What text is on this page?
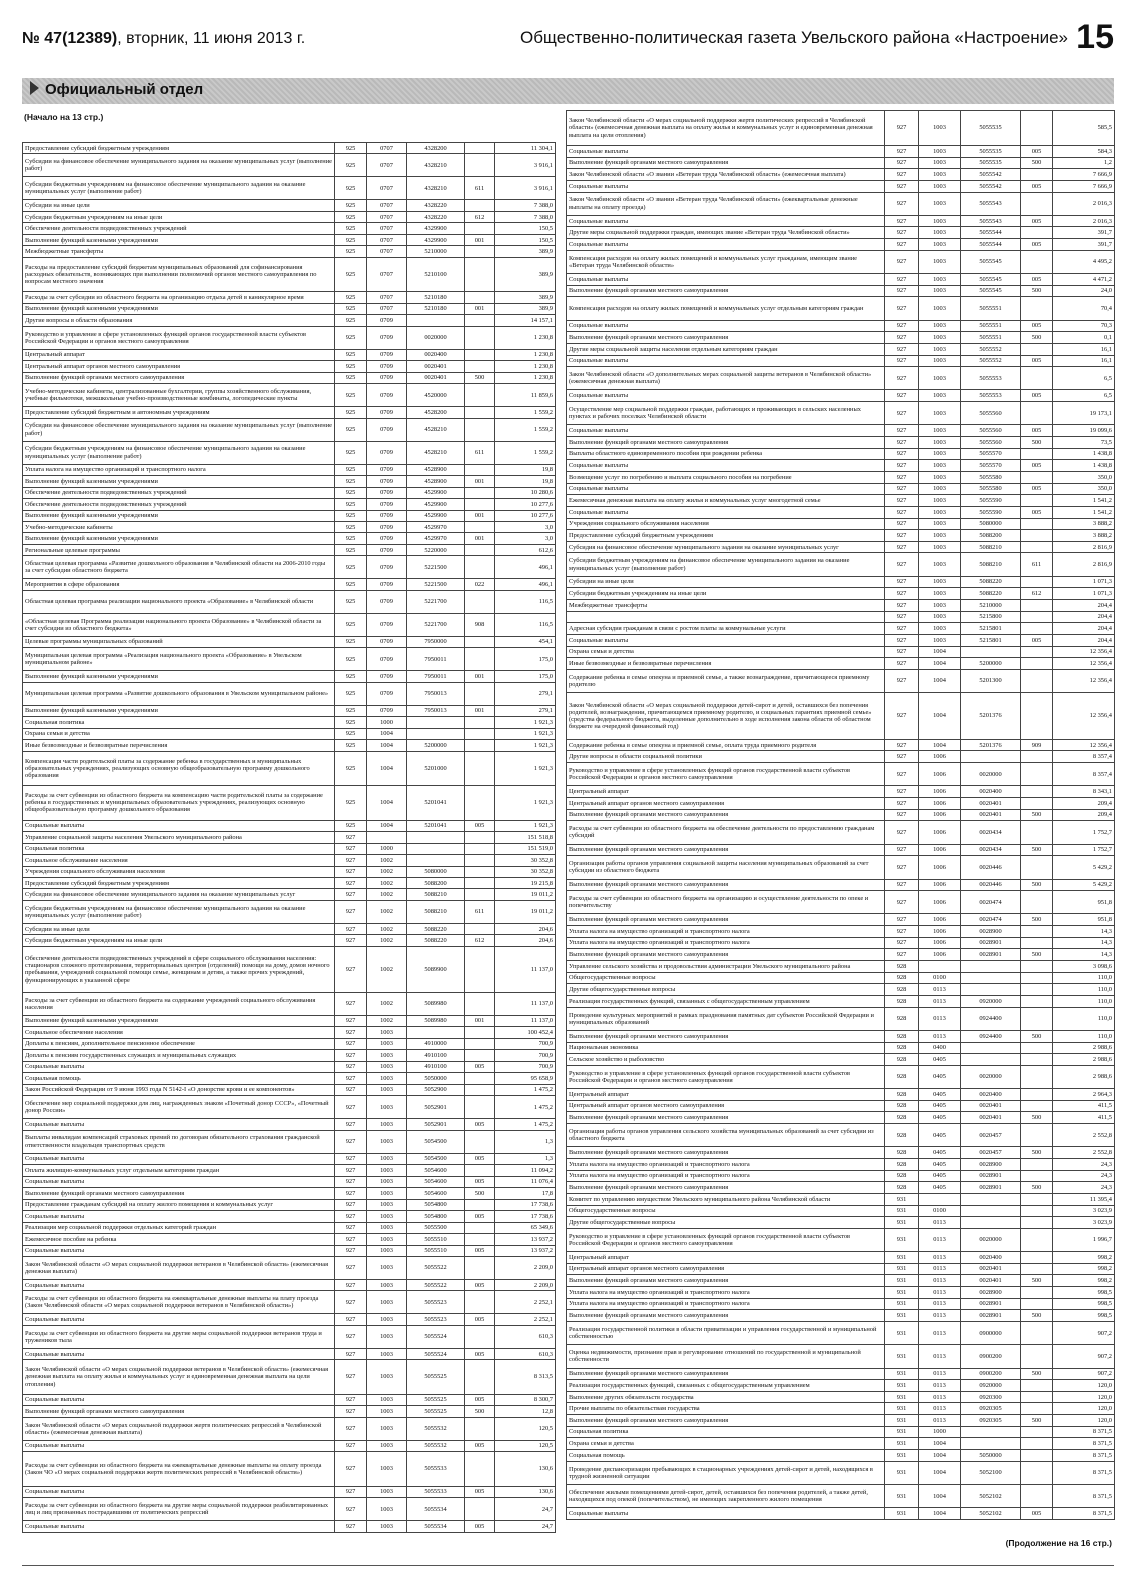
№ 47(12389), вторник, 11 июня 2013 г.	Общественно-политическая газета Увельского района «Настроение» 15
Официальный отдел
(Начало на 13 стр.)
Предоставление субсидий бюджетным учреждениям	925	0707	4328200		11 304,1
Субсидии на финансовое обеспечение муниципального задания на оказание муниципальных услуг (выполнение работ)	925	0707	4328210		3 916,1
Субсидии бюджетным учреждениям на финансовое обеспечение муниципального задания на оказание муниципальных услуг (выполнение работ)	925	0707	4328210	611	3 916,1
Субсидии на иные цели	925	0707	4328220		7 388,0
Субсидии бюджетным учреждениям на иные цели	925	0707	4328220	612	7 388,0
Обеспечение деятельности подведомственных учреждений	925	0707	4329900		150,5
Выполнение функций казенными учреждениями	925	0707	4329900	001	150,5
Межбюджетные трансферты	925	0707	5210000		389,9
Расходы на предоставление субсидий бюджетам муниципальных образований для софинансирования расходных обязательств, возникающих при выполнении полномочий органов местного самоуправления по вопросам местного значения	925	0707	5210100		389,9
Расходы за счет субсидии из областного бюджета на организацию отдыха детей в каникулярное время	925	0707	5210180		389,9
Выполнение функций казенными учреждениями	925	0707	5210180	001	389,9
Другие вопросы в области образования	925	0709			14 157,1
Руководство и управление в сфере установленных функций органов государственной власти субъектов Российской Федерации и органов местного самоуправления	925	0709	0020000		1 230,8
Центральный аппарат	925	0709	0020400		1 230,8
Центральный аппарат органов местного самоуправления	925	0709	0020401		1 230,8
Выполнение функций органами местного самоуправления	925	0709	0020401	500	1 230,8
Учебно-методические кабинеты, централизованные бухгалтерии, группы хозяйственного обслуживания, учебные фильмотеки, межшкольные учебно-производственные комбинаты, логопедические пункты	925	0709	4520000		11 859,6
Предоставление субсидий бюджетным и автономным учреждениям	925	0709	4528200		1 559,2
Субсидии на финансовое обеспечение муниципального задания на оказание муниципальных услуг (выполнение работ)	925	0709	4528210		1 559,2
Субсидии бюджетным учреждениям на финансовое обеспечение муниципального задания на оказание муниципальных услуг (выполнение работ)	925	0709	4528210	611	1 559,2
Уплата налога на имущество организаций и транспортного налога	925	0709	4528900		19,8
Выполнение функций казенными учреждениями	925	0709	4528900	001	19,8
Обеспечение деятельности подведомственных учреждений	925	0709	4529900		10 280,6
Обеспечение деятельности подведомственных учреждений	925	0709	4529900		10 277,6
Выполнение функций казенными учреждениями	925	0709	4529900	001	10 277,6
Учебно-методические кабинеты	925	0709	4529970		3,0
Выполнение функций казенными учреждениями	925	0709	4529970	001	3,0
Региональные целевые программы	925	0709	5220000		612,6
Областная целевая программа «Развитие дошкольного образования в Челябинской области на 2006-2010 годы за счет субсидии областного бюджета	925	0709	5221500		496,1
Мероприятия в сфере образования	925	0709	5221500	022	496,1
Областная целевая программа реализации национального проекта «Образование» в Челябинской области	925	0709	5221700		116,5
«Областная целевая Программа реализации национального проекта Образование» в Челябинской области за счет субсидии из областного бюджета»	925	0709	5221700	908	116,5
Целевые программы муниципальных образований	925	0709	7950000		454,1
Муниципальная целевая программа «Реализация национального проекта «Образование» в Увельском муниципальном районе»	925	0709	7950011		175,0
Выполнение функций казенными учреждениями	925	0709	7950011	001	175,0
Муниципальная целевая программа «Развитие дошкольного образования в Увельском муниципальном районе»	925	0709	7950013		279,1
Выполнение функций казенными учреждениями	925	0709	7950013	001	279,1
Социальная политика	925	1000			1 921,3
Охрана семьи и детства	925	1004			1 921,3
Иные безвозмездные и безвозвратные перечисления	925	1004	5200000		1 921,3
Компенсация части родительской платы за содержание ребенка в государственных и муниципальных образовательных учреждениях, реализующих основную общеобразовательную программу дошкольного образования	925	1004	5201000		1 921,3
Расходы за счет субвенции из областного бюджета на компенсацию части родительской платы за содержание ребенка в государственных и муниципальных образовательных учреждениях, реализующих основную общеобразовательную программу дошкольного образования	925	1004	5201041		1 921,3
Социальные выплаты	925	1004	5201041	005	1 921,3
Управление социальной защиты населения Увельского муниципального района	927				151 518,8
Социальная политика	927	1000			151 519,0
Социальное обслуживание населения	927	1002			30 352,8
Учреждения социального обслуживания населения	927	1002	5080000		30 352,8
Предоставление субсидий бюджетным учреждениям	927	1002	5088200		19 215,8
Субсидии на финансовое обеспечение муниципального задания на оказание муниципальных услуг	927	1002	5088210		19 011,2
Субсидии бюджетным учреждениям на финансовое обеспечение муниципального задания на оказание муниципальных услуг (выполнение работ)	927	1002	5088210	611	19 011,2
Субсидии на иные цели	927	1002	5088220		204,6
Субсидии бюджетным учреждениям на иные цели	927	1002	5088220	612	204,6
Обеспечение деятельности подведомственных учреждений в сфере социального обслуживания населения: стационаров сложного протезирования, территориальных центров (отделений) помощи на дому, домов ночного пребывания, учреждений социальной помощи семье, женщинам и детям, а также прочих учреждений, функционирующих в указанной сфере	927	1002	5089900		11 137,0
Расходы за счет субвенции из областного бюджета на содержание учреждений социального обслуживания населения	927	1002	5089980		11 137,0
Выполнение функций казенными учреждениями	927	1002	5089980	001	11 137,0
Социальное обеспечение населения	927	1003			100 452,4
Доплаты к пенсиям, дополнительное пенсионное обеспечение	927	1003	4910000		700,9
Доплаты к пенсиям государственных служащих и муниципальных служащих	927	1003	4910100		700,9
Социальные выплаты	927	1003	4910100	005	700,9
Социальная помощь	927	1003	5050000		95 658,9
Закон Российской Федерации от 9 июня 1993 года N 5142-I «О донорстве крови и ее компонентов»	927	1003	5052900		1 475,2
Обеспечение мер социальной поддержки для лиц, награжденных знаком «Почетный донор СССР», «Почетный донор России»	927	1003	5052901		1 475,2
Социальные выплаты	927	1003	5052901	005	1 475,2
Выплаты инвалидам компенсаций страховых премий по договорам обязательного страхования гражданской ответственности владельцев транспортных средств	927	1003	5054500		1,3
Социальные выплаты	927	1003	5054500	005	1,3
Оплата жилищно-коммунальных услуг отдельным категориям граждан	927	1003	5054600		11 094,2
Социальные выплаты	927	1003	5054600	005	11 076,4
Выполнение функций органами местного самоуправления	927	1003	5054600	500	17,8
Предоставление гражданам субсидий на оплату жилого помещения и коммунальных услуг	927	1003	5054800		17 738,6
Социальные выплаты	927	1003	5054800	005	17 738,6
Реализация мер социальной поддержки отдельных категорий граждан	927	1003	5055500		65 349,6
Ежемесячное пособие на ребенка	927	1003	5055510		13 937,2
Социальные выплаты	927	1003	5055510	005	13 937,2
Закон Челябинской области «О мерах социальной поддержки ветеранов в Челябинской области» (ежемесячная денежная выплата)	927	1003	5055522		2 209,0
Социальные выплаты	927	1003	5055522	005	2 209,0
Расходы за счет субвенции из областного бюджета на ежеквартальные денежные выплаты на плату проезда (Закон Челябинской области «О мерах социальной поддержки ветеранов в Челябинской области»)	927	1003	5055523		2 252,1
Социальные выплаты	927	1003	5055523	005	2 252,1
Расходы за счет субвенции из областного бюджета на другие меры социальной поддержки ветеранов труда и тружеников тыла	927	1003	5055524		610,3
Социальные выплаты	927	1003	5055524	005	610,3
Закон Челябинской области «О мерах социальной поддержки ветеранов в Челябинской области» (ежемесячная денежная выплата на оплату жилья и коммунальных услуг и единовременная денежная выплата на цели отопления)	927	1003	5055525		8 313,5
Социальные выплаты	927	1003	5055525	005	8 300,7
Выполнение функций органами местного самоуправления	927	1003	5055525	500	12,8
Закон Челябинской области «О мерах социальной поддержки жертв политических репрессий в Челябинской области» (ежемесячная денежная выплата)	927	1003	5055532		120,5
Социальные выплаты	927	1003	5055532	005	120,5
Расходы за счет субвенции из областного бюджета на ежеквартальные денежные выплаты на оплату проезда (Закон ЧО «О мерах социальной поддержки жертв политических репрессий в Челябинской области»)	927	1003	5055533		130,6
Социальные выплаты	927	1003	5055533	005	130,6
Расходы за счет субвенции из областного бюджета на другие меры социальной поддержки реабилитированных лиц и лиц признанных пострадавшими от политических репрессий	927	1003	5055534		24,7
Социальные выплаты	927	1003	5055534	005	24,7
Закон Челябинской области «О мерах социальной поддержки жертв политических репрессий в Челябинской области» (ежемесячная денежная выплата на оплату жилья и коммунальных услуг и единовременная денежная выплата на цели отопления)	927	1003	5055535		585,5
Социальные выплаты	927	1003	5055535	005	584,3
Выполнение функций органами местного самоуправления	927	1003	5055535	500	1,2
Закон Челябинской области «О звании «Ветеран труда Челябинской области» (ежемесячная выплата)	927	1003	5055542		7 666,9
Социальные выплаты	927	1003	5055542	005	7 666,9
Закон Челябинской области «О звании «Ветеран труда Челябинской области» (ежеквартальные денежные выплаты на оплату проезда)	927	1003	5055543		2 016,3
Социальные выплаты	927	1003	5055543	005	2 016,3
Другие меры социальной поддержки граждан, имеющих звание «Ветеран труда Челябинской области»	927	1003	5055544		391,7
Социальные выплаты	927	1003	5055544	005	391,7
Компенсация расходов на оплату жилых помещений и коммунальных услуг гражданам, имеющим звание «Ветеран труда Челябинской области»	927	1003	5055545		4 495,2
Социальные выплаты	927	1003	5055545	005	4 471,2
Выполнение функций органами местного самоуправления	927	1003	5055545	500	24,0
Компенсация расходов на оплату жилых помещений и коммунальных услуг отдельным категориям граждан	927	1003	5055551		70,4
Социальные выплаты	927	1003	5055551	005	70,3
Выполнение функций органами местного самоуправления	927	1003	5055551	500	0,1
Другие меры социальной защиты населения отдельным категориям граждан	927	1003	5055552		16,1
Социальные выплаты	927	1003	5055552	005	16,1
Закон Челябинской области «О дополнительных мерах социальной защиты ветеранов в Челябинской области» (ежемесячная денежная выплата)	927	1003	5055553		6,5
Социальные выплаты	927	1003	5055553	005	6,5
Осуществление мер социальной поддержки граждан, работающих и проживающих в сельских населенных пунктах и рабочих поселках Челябинской области	927	1003	5055560		19 173,1
Социальные выплаты	927	1003	5055560	005	19 099,6
Выполнение функций органами местного самоуправления	927	1003	5055560	500	73,5
Выплаты областного единовременного пособия при рождении ребенка	927	1003	5055570		1 438,8
Социальные выплаты	927	1003	5055570	005	1 438,8
Возмещение услуг по погребению и выплата социального пособия на погребение	927	1003	5055580		350,0
Социальные выплаты	927	1003	5055580	005	350,0
Ежемесячная денежная выплата на оплату жилья и коммунальных услуг многодетной семье	927	1003	5055590		1 541,2
Социальные выплаты	927	1003	5055590	005	1 541,2
Учреждения социального обслуживания населения	927	1003	5080000		3 888,2
Предоставление субсидий бюджетным учреждениям	927	1003	5088200		3 888,2
Субсидия на финансовое обеспечение муниципального задания на оказание муниципальных услуг	927	1003	5088210		2 816,9
Субсидии бюджетным учреждениям на финансовое обеспечение муниципального задания на оказание муниципальных услуг (выполнение работ)	927	1003	5088210	611	2 816,9
Субсидии на иные цели	927	1003	5088220		1 071,3
Субсидии бюджетным учреждениям на иные цели	927	1003	5088220	612	1 071,3
Межбюджетные трансферты	927	1003	5210000		204,4
	927	1003	5215800		204,4
Адресная субсидия гражданам в связи с ростом платы за коммунальные услуги	927	1003	5215801		204,4
Социальные выплаты	927	1003	5215801	005	204,4
Охрана семьи и детства	927	1004			12 356,4
Иные безвозмездные и безвозвратные перечисления	927	1004	5200000		12 356,4
Содержание ребенка в семье опекуна и приемной семье, а также вознаграждение, причитающееся приемному родителю	927	1004	5201300		12 356,4
Закон Челябинской области «О мерах социальной поддержки детей-сирот и детей, оставшихся без попечения родителей, вознаграждении, причитающемся приемному родителю, и социальных гарантиях приемной семье» (средства федерального бюджета, выделенные дополнительно в ходе исполнения закона области об областном бюджете на очередной финансовый год)	927	1004	5201376		12 356,4
Содержание ребенка в семье опекуна и приемной семье, оплата труда приемного родителя	927	1004	5201376	909	12 356,4
Другие вопросы в области социальной политики	927	1006			8 357,4
Руководство и управление в сфере установленных функций органов государственной власти субъектов Российской Федерации и органов местного самоуправления	927	1006	0020000		8 357,4
Центральный аппарат	927	1006	0020400		8 343,1
Центральный аппарат органов местного самоуправления	927	1006	0020401		209,4
Выполнение функций органами местного самоуправления	927	1006	0020401	500	209,4
Расходы за счет субвенции из областного бюджета на обеспечение деятельности по предоставлению гражданам субсидий	927	1006	0020434		1 752,7
Выполнение функций органами местного самоуправления	927	1006	0020434	500	1 752,7
Организация работы органов управления социальной защиты населения муниципальных образований за счет субсидии из областного бюджета	927	1006	0020446		5 429,2
Выполнение функций органами местного самоуправления	927	1006	0020446	500	5 429,2
Расходы за счет субвенции из областного бюджета на организацию и осуществление деятельности по опеке и попечительству	927	1006	0020474		951,8
Выполнение функций органами местного самоуправления	927	1006	0020474	500	951,8
Уплата налога на имущество организаций и транспортного налога	927	1006	0028900		14,3
Уплата налога на имущество организаций и транспортного налога	927	1006	0028901		14,3
Выполнение функций органами местного самоуправления	927	1006	0028901	500	14,3
Управление сельского хозяйства и продовольствия администрации Увельского муниципального района	928				3 098,6
Общегосударственные вопросы	928	0100			110,0
Другие общегосударственные вопросы	928	0113			110,0
Реализация государственных функций, связанных с общегосударственным управлением	928	0113	0920000		110,0
Проведение культурных мероприятий в рамках празднования памятных дат субъектов Российской Федерации и муниципальных образований	928	0113	0924400		110,0
Выполнение функций органами местного самоуправления	928	0113	0924400	500	110,0
Национальная экономика	928	0400			2 988,6
Сельское хозяйство и рыболовство	928	0405			2 988,6
Руководство и управление в сфере установленных функций органов государственной власти субъектов Российской Федерации и органов местного самоуправления	928	0405	0020000		2 988,6
Центральный аппарат	928	0405	0020400		2 964,3
Центральный аппарат органов местного самоуправления	928	0405	0020401		411,5
Выполнение функций органами местного самоуправления	928	0405	0020401	500	411,5
Организация работы органов управления сельского хозяйства муниципальных образований за счет субсидии из областного бюджета	928	0405	0020457		2 552,8
Выполнение функций органами местного самоуправления	928	0405	0020457	500	2 552,8
Уплата налога на имущество организаций и транспортного налога	928	0405	0028900		24,3
Уплата налога на имущество организаций и транспортного налога	928	0405	0028901		24,3
Выполнение функций органами местного самоуправления	928	0405	0028901	500	24,3
Комитет по управлению имуществом Увельского муниципального района Челябинской области	931				11 395,4
Общегосударственные вопросы	931	0100			3 023,9
Другие общегосударственные вопросы	931	0113			3 023,9
Руководство и управление в сфере установленных функций органов государственной власти субъектов Российской Федерации и органов местного самоуправления	931	0113	0020000		1 996,7
Центральный аппарат	931	0113	0020400		998,2
Центральный аппарат органов местного самоуправления	931	0113	0020401		998,2
Выполнение функций органами местного самоуправления	931	0113	0020401	500	998,2
Уплата налога на имущество организаций и транспортного налога	931	0113	0028900		998,5
Уплата налога на имущество организаций и транспортного налога	931	0113	0028901		998,5
Выполнение функций органами местного самоуправления	931	0113	0028901	500	998,5
Реализация государственной политики в области приватизации и управления государственной и муниципальной собственностью	931	0113	0900000		907,2
Оценка недвижимости, признание прав и регулирование отношений по государственной и муниципальной собственности	931	0113	0900200		907,2
Выполнение функций органами местного самоуправления	931	0113	0900200	500	907,2
Реализация государственных функций, связанных с общегосударственным управлением	931	0113	0920000		120,0
Выполнение других обязательств государства	931	0113	0920300		120,0
Прочие выплаты по обязательствам государства	931	0113	0920305		120,0
Выполнение функций органами местного самоуправления	931	0113	0920305	500	120,0
Социальная политика	931	1000			8 371,5
Охрана семьи и детства	931	1004			8 371,5
Социальная помощь	931	1004	5050000		8 371,5
Проведение диспансеризации пребывающих в стационарных учреждениях детей-сирот и детей, находящихся в трудной жизненной ситуации	931	1004	5052100		8 371,5
Обеспечение жилыми помещениями детей-сирот, детей, оставшихся без попечения родителей, а также детей, находящихся под опекой (попечительством), не имеющих закрепленного жилого помещения	931	1004	5052102		8 371,5
Социальные выплаты	931	1004	5052102	005	8 371,5
(Продолжение на 16 стр.)
